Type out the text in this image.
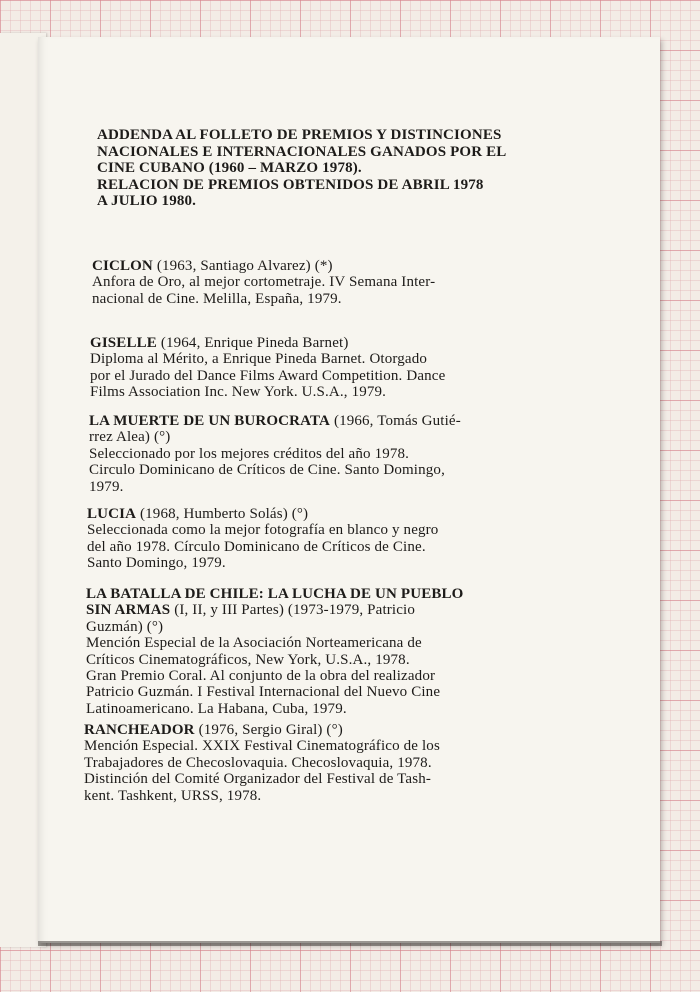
ADDENDA AL FOLLETO DE PREMIOS Y DISTINCIONES
NACIONALES E INTERNACIONALES GANADOS POR EL
CINE CUBANO (1960 – MARZO 1978).
RELACION DE PREMIOS OBTENIDOS DE ABRIL 1978
A JULIO 1980.
CICLON (1963, Santiago Alvarez) (*)
Anfora de Oro, al mejor cortometraje. IV Semana Inter-
nacional de Cine. Melilla, España, 1979.
GISELLE (1964, Enrique Pineda Barnet)
Diploma al Mérito, a Enrique Pineda Barnet. Otorgado
por el Jurado del Dance Films Award Competition. Dance
Films Association Inc. New York. U.S.A., 1979.
LA MUERTE DE UN BUROCRATA (1966, Tomás Gutié-
rrez Alea) (°)
Seleccionado por los mejores créditos del año 1978.
Circulo Dominicano de Críticos de Cine. Santo Domingo,
1979.
LUCIA (1968, Humberto Solás) (°)
Seleccionada como la mejor fotografía en blanco y negro
del año 1978. Círculo Dominicano de Críticos de Cine.
Santo Domingo, 1979.
LA BATALLA DE CHILE: LA LUCHA DE UN PUEBLO
SIN ARMAS (I, II, y III Partes) (1973-1979, Patricio
Guzmán) (°)
Mención Especial de la Asociación Norteamericana de
Críticos Cinematográficos, New York, U.S.A., 1978.
Gran Premio Coral. Al conjunto de la obra del realizador
Patricio Guzmán. I Festival Internacional del Nuevo Cine
Latinoamericano. La Habana, Cuba, 1979.
RANCHEADOR (1976, Sergio Giral) (°)
Mención Especial. XXIX Festival Cinematográfico de los
Trabajadores de Checoslovaquia. Checoslovaquia, 1978.
Distinción del Comité Organizador del Festival de Tash-
kent. Tashkent, URSS, 1978.
